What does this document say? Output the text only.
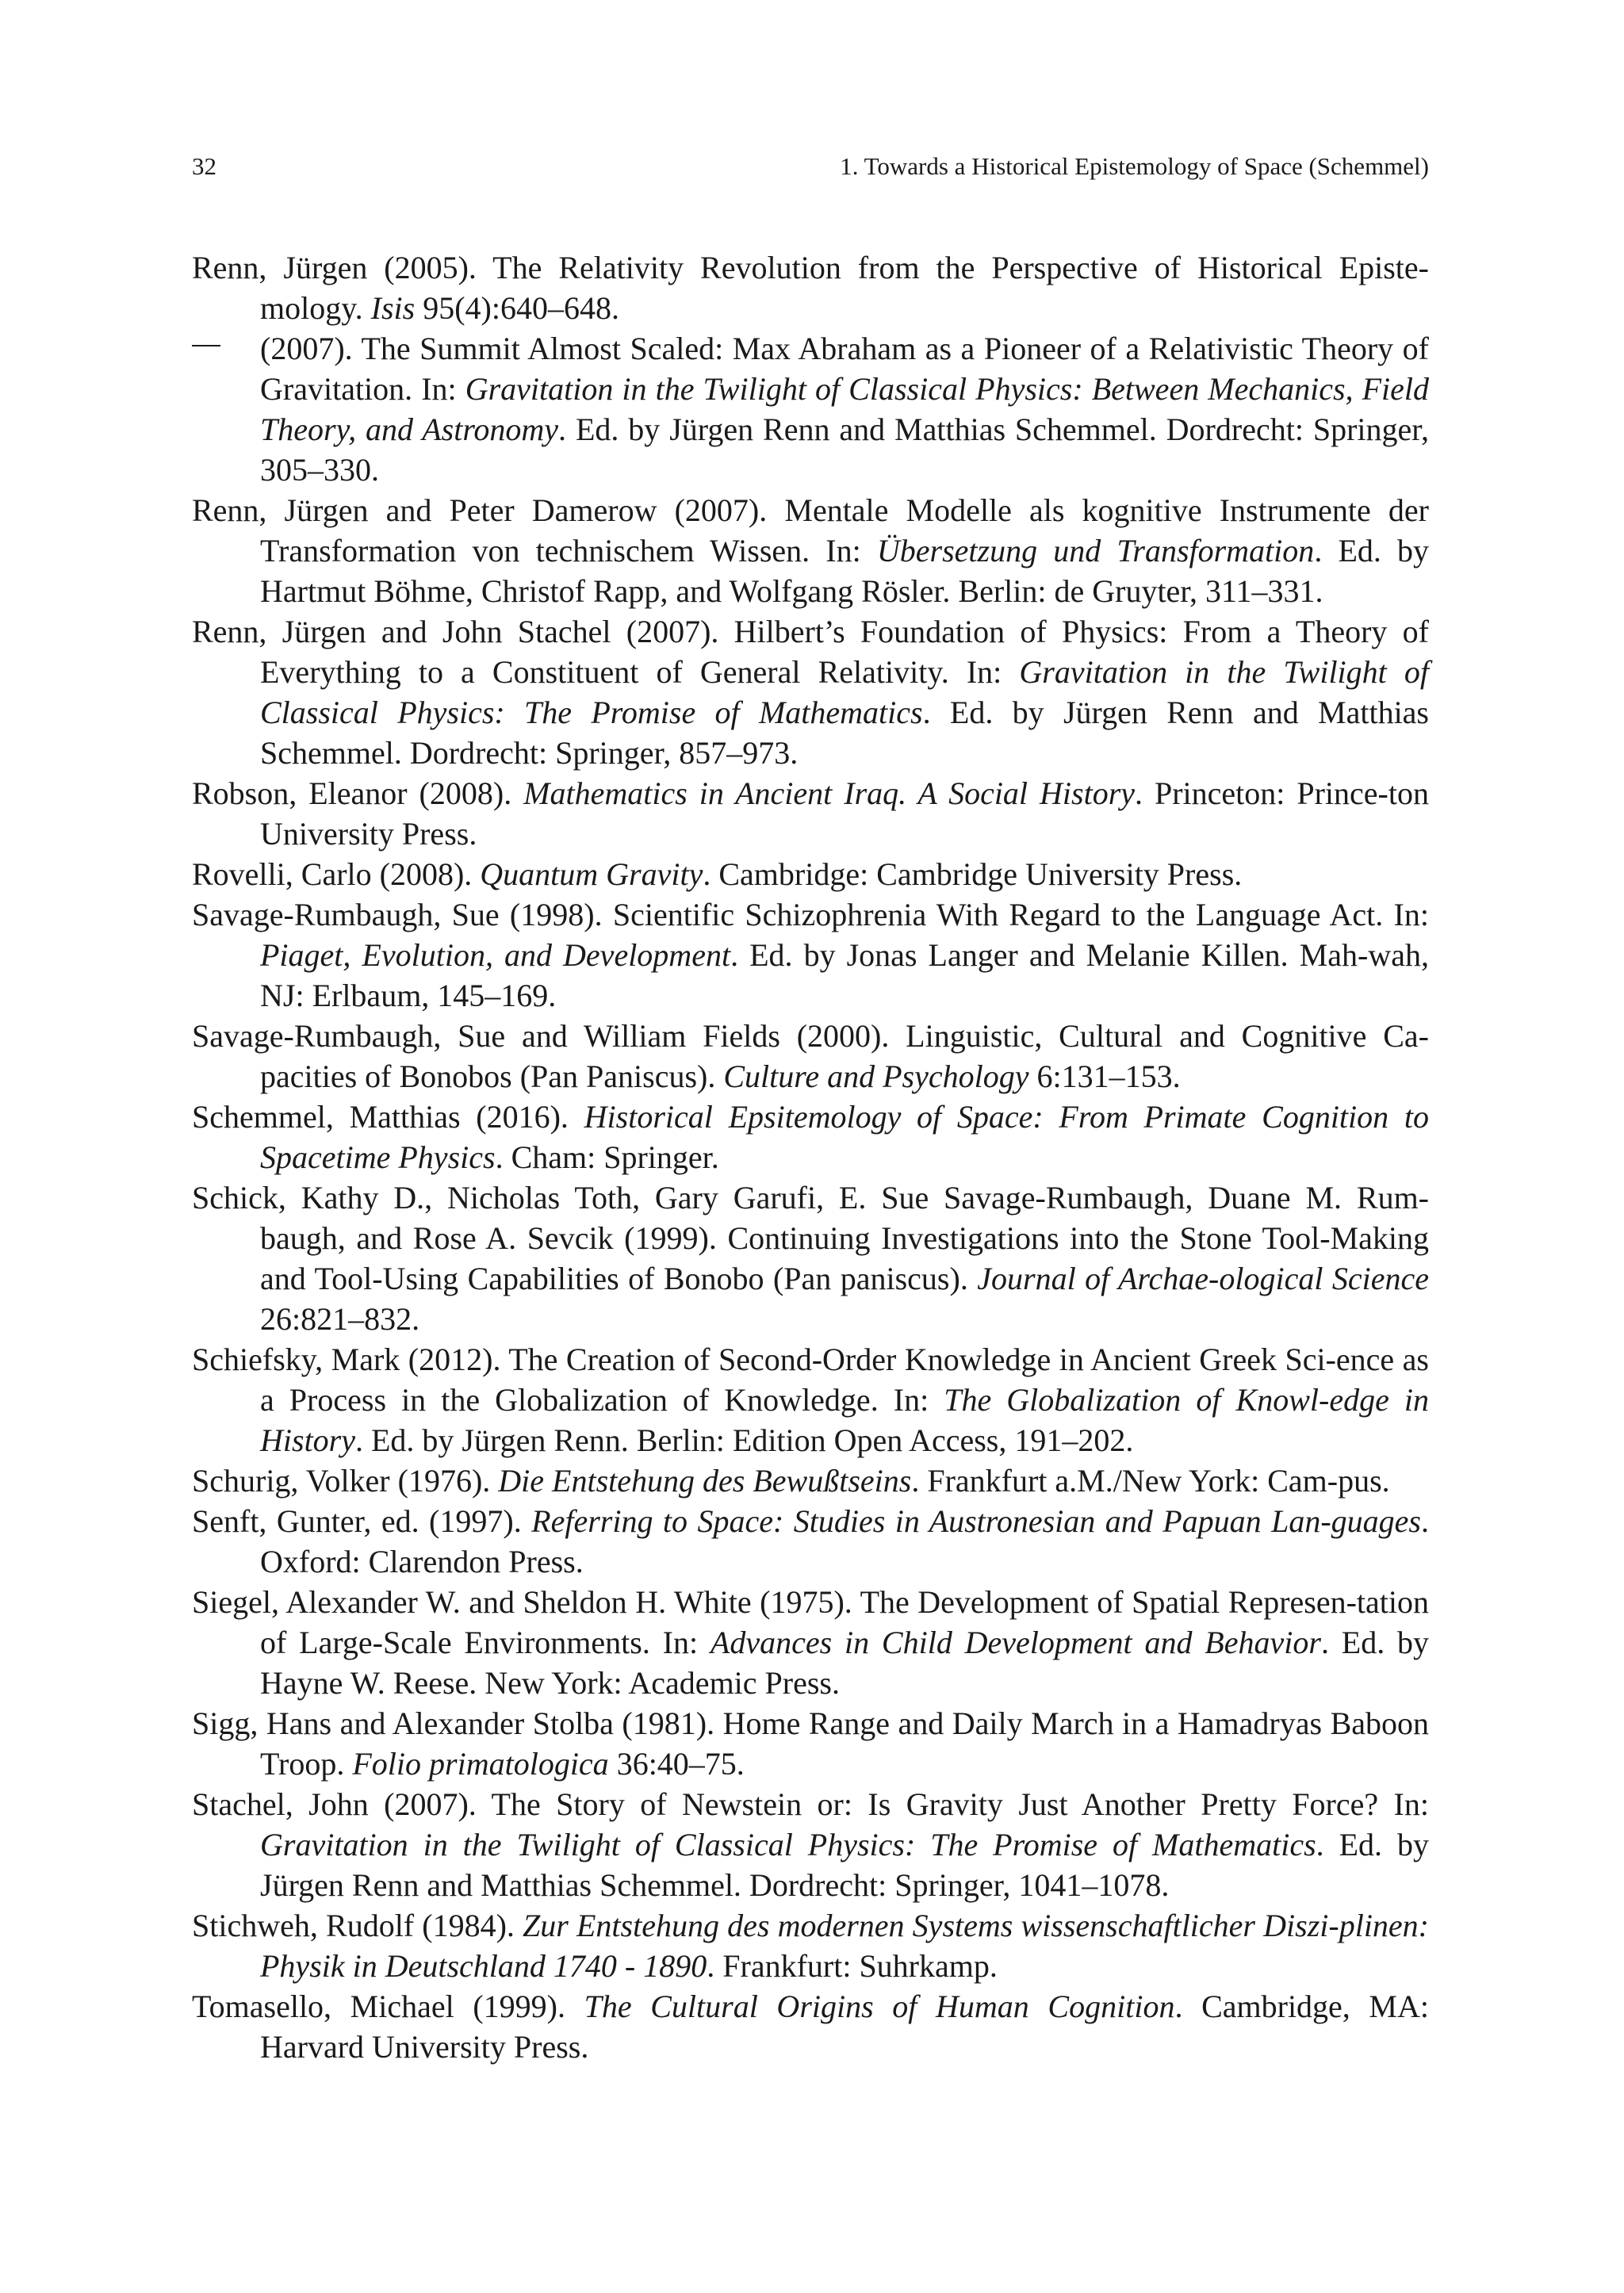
32	1. Towards a Historical Epistemology of Space (Schemmel)

Renn, Jürgen (2005). The Relativity Revolution from the Perspective of Historical Episte-mology. Isis 95(4):640–648.

(2007). The Summit Almost Scaled: Max Abraham as a Pioneer of a Relativistic Theory of Gravitation. In: Gravitation in the Twilight of Classical Physics: Between Mechanics, Field Theory, and Astronomy. Ed. by Jürgen Renn and Matthias Schemmel. Dordrecht: Springer, 305–330.

Renn, Jürgen and Peter Damerow (2007). Mentale Modelle als kognitive Instrumente der Transformation von technischem Wissen. In: Übersetzung und Transformation. Ed. by Hartmut Böhme, Christof Rapp, and Wolfgang Rösler. Berlin: de Gruyter, 311–331.

Renn, Jürgen and John Stachel (2007). Hilbert’s Foundation of Physics: From a Theory of Everything to a Constituent of General Relativity. In: Gravitation in the Twilight of Classical Physics: The Promise of Mathematics. Ed. by Jürgen Renn and Matthias Schemmel. Dordrecht: Springer, 857–973.

Robson, Eleanor (2008). Mathematics in Ancient Iraq. A Social History. Princeton: Prince-ton University Press.

Rovelli, Carlo (2008). Quantum Gravity. Cambridge: Cambridge University Press.

Savage-Rumbaugh, Sue (1998). Scientific Schizophrenia With Regard to the Language Act. In: Piaget, Evolution, and Development. Ed. by Jonas Langer and Melanie Killen. Mah-wah, NJ: Erlbaum, 145–169.

Savage-Rumbaugh, Sue and William Fields (2000). Linguistic, Cultural and Cognitive Ca-pacities of Bonobos (Pan Paniscus). Culture and Psychology 6:131–153.

Schemmel, Matthias (2016). Historical Epsitemology of Space: From Primate Cognition to Spacetime Physics. Cham: Springer.

Schick, Kathy D., Nicholas Toth, Gary Garufi, E. Sue Savage-Rumbaugh, Duane M. Rum-baugh, and Rose A. Sevcik (1999). Continuing Investigations into the Stone Tool-Making and Tool-Using Capabilities of Bonobo (Pan paniscus). Journal of Archae-ological Science 26:821–832.

Schiefsky, Mark (2012). The Creation of Second-Order Knowledge in Ancient Greek Sci-ence as a Process in the Globalization of Knowledge. In: The Globalization of Knowl-edge in History. Ed. by Jürgen Renn. Berlin: Edition Open Access, 191–202.

Schurig, Volker (1976). Die Entstehung des Bewußtseins. Frankfurt a.M./New York: Cam-pus.

Senft, Gunter, ed. (1997). Referring to Space: Studies in Austronesian and Papuan Lan-guages. Oxford: Clarendon Press.

Siegel, Alexander W. and Sheldon H. White (1975). The Development of Spatial Represen-tation of Large-Scale Environments. In: Advances in Child Development and Behavior. Ed. by Hayne W. Reese. New York: Academic Press.

Sigg, Hans and Alexander Stolba (1981). Home Range and Daily March in a Hamadryas Baboon Troop. Folio primatologica 36:40–75.

Stachel, John (2007). The Story of Newstein or: Is Gravity Just Another Pretty Force? In: Gravitation in the Twilight of Classical Physics: The Promise of Mathematics. Ed. by Jürgen Renn and Matthias Schemmel. Dordrecht: Springer, 1041–1078.

Stichweh, Rudolf (1984). Zur Entstehung des modernen Systems wissenschaftlicher Diszi-plinen: Physik in Deutschland 1740 - 1890. Frankfurt: Suhrkamp.

Tomasello, Michael (1999). The Cultural Origins of Human Cognition. Cambridge, MA: Harvard University Press.
